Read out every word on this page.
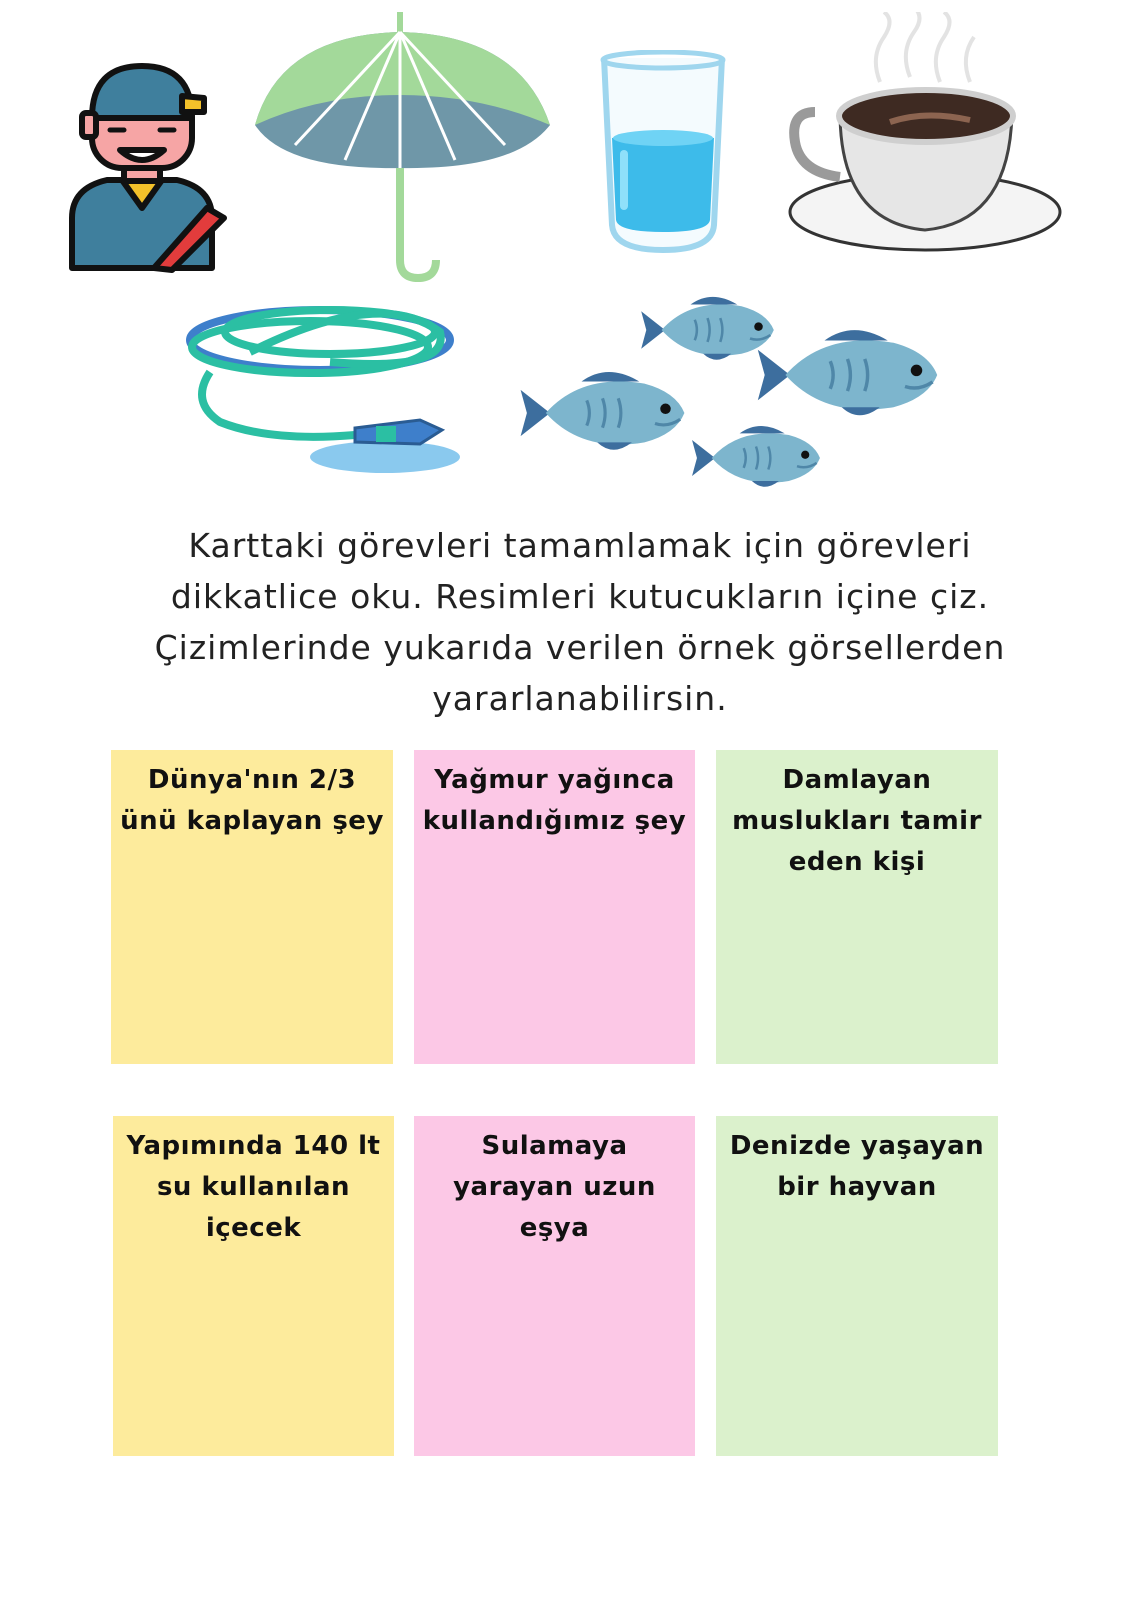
Karttaki görevleri tamamlamak için görevleri dikkatlice oku. Resimleri kutucukların içine çiz. Çizimlerinde yukarıda verilen örnek görsellerden yararlanabilirsin.

Dünya'nın 2/3 ünü kaplayan şey

Yağmur yağınca kullandığımız şey

Damlayan muslukları tamir eden kişi

Yapımında 140 lt su kullanılan içecek

Sulamaya yarayan uzun eşya

Denizde yaşayan bir hayvan
